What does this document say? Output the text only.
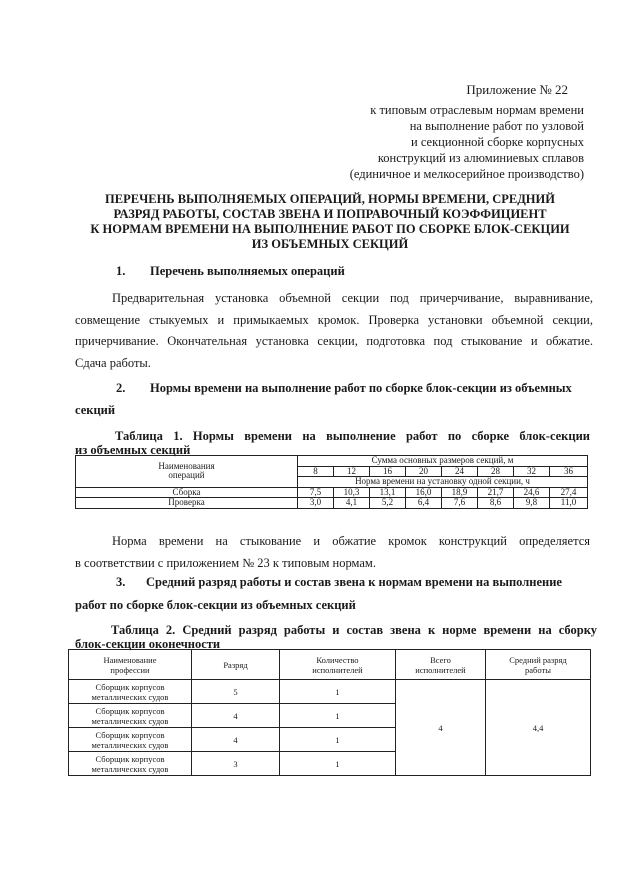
Приложение № 22
к типовым отраслевым нормам времени
на выполнение работ по узловой
и секционной сборке корпусных
конструкций из алюминиевых сплавов
(единичное и мелкосерийное производство)
ПЕРЕЧЕНЬ ВЫПОЛНЯЕМЫХ ОПЕРАЦИЙ, НОРМЫ ВРЕМЕНИ, СРЕДНИЙ
РАЗРЯД РАБОТЫ, СОСТАВ ЗВЕНА И ПОПРАВОЧНЫЙ КОЭФФИЦИЕНТ
К НОРМАМ ВРЕМЕНИ НА ВЫПОЛНЕНИЕ РАБОТ ПО СБОРКЕ БЛОК-СЕКЦИИ
ИЗ ОБЪЕМНЫХ СЕКЦИЙ
1. Перечень выполняемых операций
Предварительная установка объемной секции под причерчивание, выравнивание,
совмещение стыкуемых и примыкаемых кромок. Проверка установки объемной секции,
причерчивание. Окончательная установка секции, подготовка под стыкование и обжатие.
Сдача работы.
2. Нормы времени на выполнение работ по сборке блок-секции из объемных
секций
Таблица 1. Нормы времени на выполнение работ по сборке блок-секции
из объемных секций
Наименования операций	Сумма основных размеров секций, м							
	8	12	16	20	24	28	32	36
	Норма времени на установку одной секции, ч							
Сборка	7,5	10,3	13,1	16,0	18,9	21,7	24,6	27,4
Проверка	3,0	4,1	5,2	6,4	7,6	8,6	9,8	11,0
Норма времени на стыкование и обжатие кромок конструкций определяется
в соответствии с приложением № 23 к типовым нормам.
3. Средний разряд работы и состав звена к нормам времени на выполнение
работ по сборке блок-секции из объемных секций
Таблица 2. Средний разряд работы и состав звена к норме времени на сборку
блок-секции оконечности
Наименование профессии	Разряд	Количество исполнителей	Всего исполнителей	Средний разряд работы
Сборщик корпусов металлических судов	5	1	4	4,4
Сборщик корпусов металлических судов	4	1		
Сборщик корпусов металлических судов	4	1		
Сборщик корпусов металлических судов	3	1		
